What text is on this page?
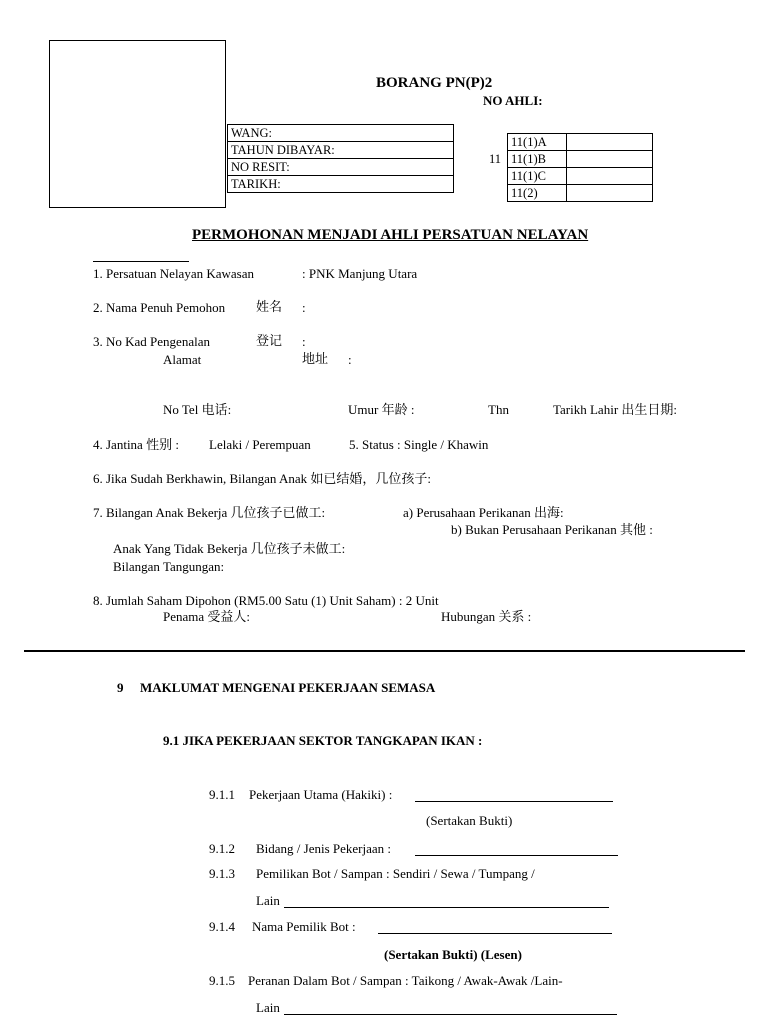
BORANG PN(P)2
NO AHLI:
WANG:
TAHUN DIBAYAR:
NO RESIT:
TARIKH:
11
11(1)A	
11(1)B	
11(1)C	
11(2)	
PERMOHONAN MENJADI AHLI PERSATUAN NELAYAN
1. Persatuan Nelayan Kawasan	: PNK Manjung Utara
2. Nama Penuh Pemohon 姓名 :
3. No Kad Pengenalan	登记 :
Alamat	地址 :
No Tel 电话:	Umur 年龄 :	Thn	Tarikh Lahir 出生日期:
4. Jantina 性别 : Lelaki / Perempuan	5. Status : Single / Khawin
6. Jika Sudah Berkhawin, Bilangan Anak 如已结婚，几位孩子:
7. Bilangan Anak Bekerja 几位孩子已做工:	a) Perusahaan Perikanan 出海:
b) Bukan Perusahaan Perikanan 其他 :
Anak Yang Tidak Bekerja 几位孩子未做工:
Bilangan Tangungan:
8. Jumlah Saham Dipohon (RM5.00 Satu (1) Unit Saham) : 2 Unit
Penama 受益人:	Hubungan 关系 :
9 MAKLUMAT MENGENAI PEKERJAAN SEMASA
9.1 JIKA PEKERJAAN SEKTOR TANGKAPAN IKAN :
9.1.1 Pekerjaan Utama (Hakiki) :
(Sertakan Bukti)
9.1.2 Bidang / Jenis Pekerjaan :
9.1.3 Pemilikan Bot / Sampan : Sendiri / Sewa / Tumpang /
Lain
9.1.4 Nama Pemilik Bot :
(Sertakan Bukti) (Lesen)
9.1.5 Peranan Dalam Bot / Sampan : Taikong / Awak-Awak /Lain-
Lain
